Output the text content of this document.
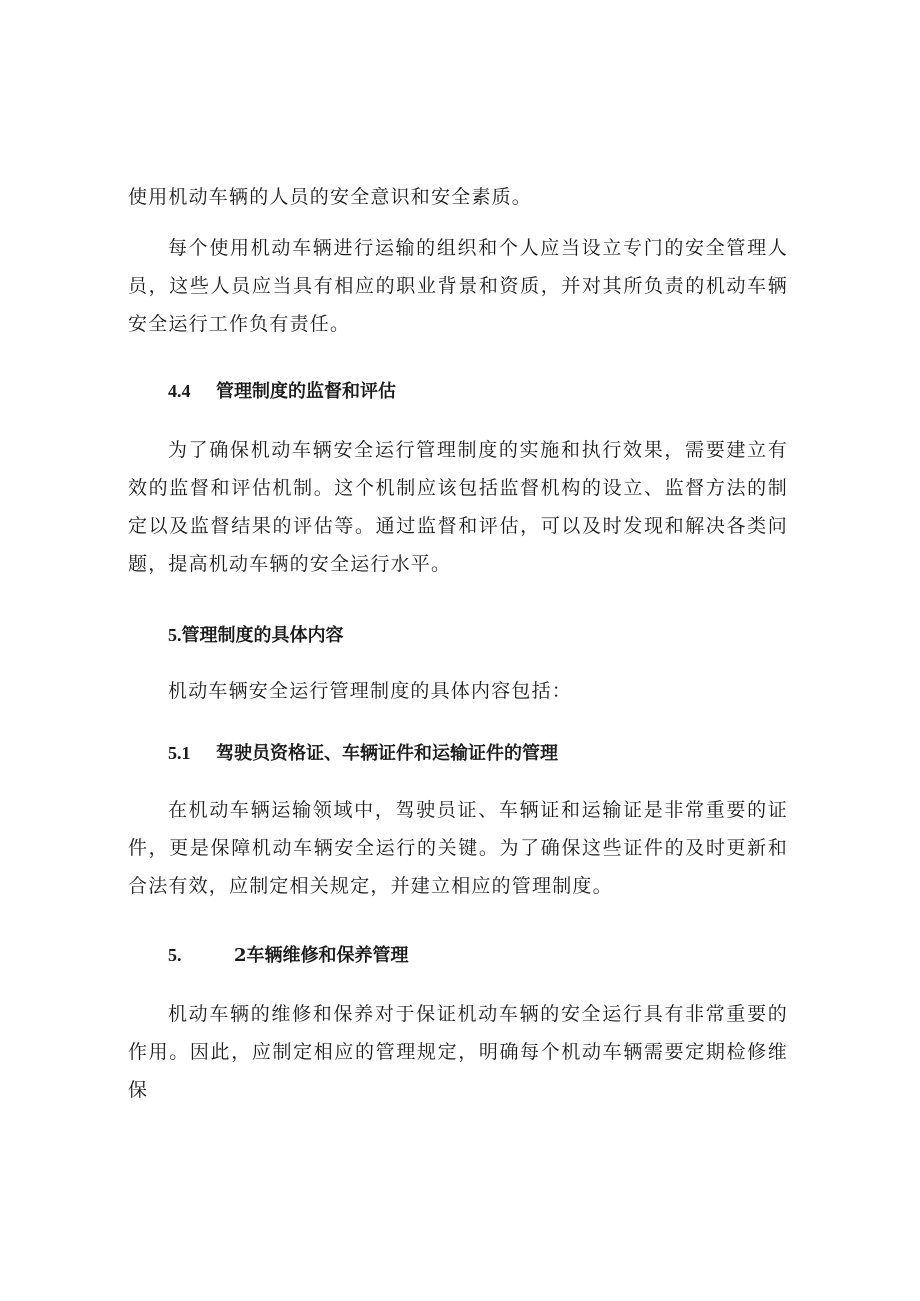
使用机动车辆的人员的安全意识和安全素质。

每个使用机动车辆进行运输的组织和个人应当设立专门的安全管理人员，这些人员应当具有相应的职业背景和资质，并对其所负责的机动车辆安全运行工作负有责任。

4.4 管理制度的监督和评估

为了确保机动车辆安全运行管理制度的实施和执行效果，需要建立有效的监督和评估机制。这个机制应该包括监督机构的设立、监督方法的制定以及监督结果的评估等。通过监督和评估，可以及时发现和解决各类问题，提高机动车辆的安全运行水平。

5.管理制度的具体内容

机动车辆安全运行管理制度的具体内容包括：

5.1 驾驶员资格证、车辆证件和运输证件的管理

在机动车辆运输领域中，驾驶员证、车辆证和运输证是非常重要的证件，更是保障机动车辆安全运行的关键。为了确保这些证件的及时更新和合法有效，应制定相关规定，并建立相应的管理制度。

5.	2车辆维修和保养管理

机动车辆的维修和保养对于保证机动车辆的安全运行具有非常重要的作用。因此，应制定相应的管理规定，明确每个机动车辆需要定期检修维保
